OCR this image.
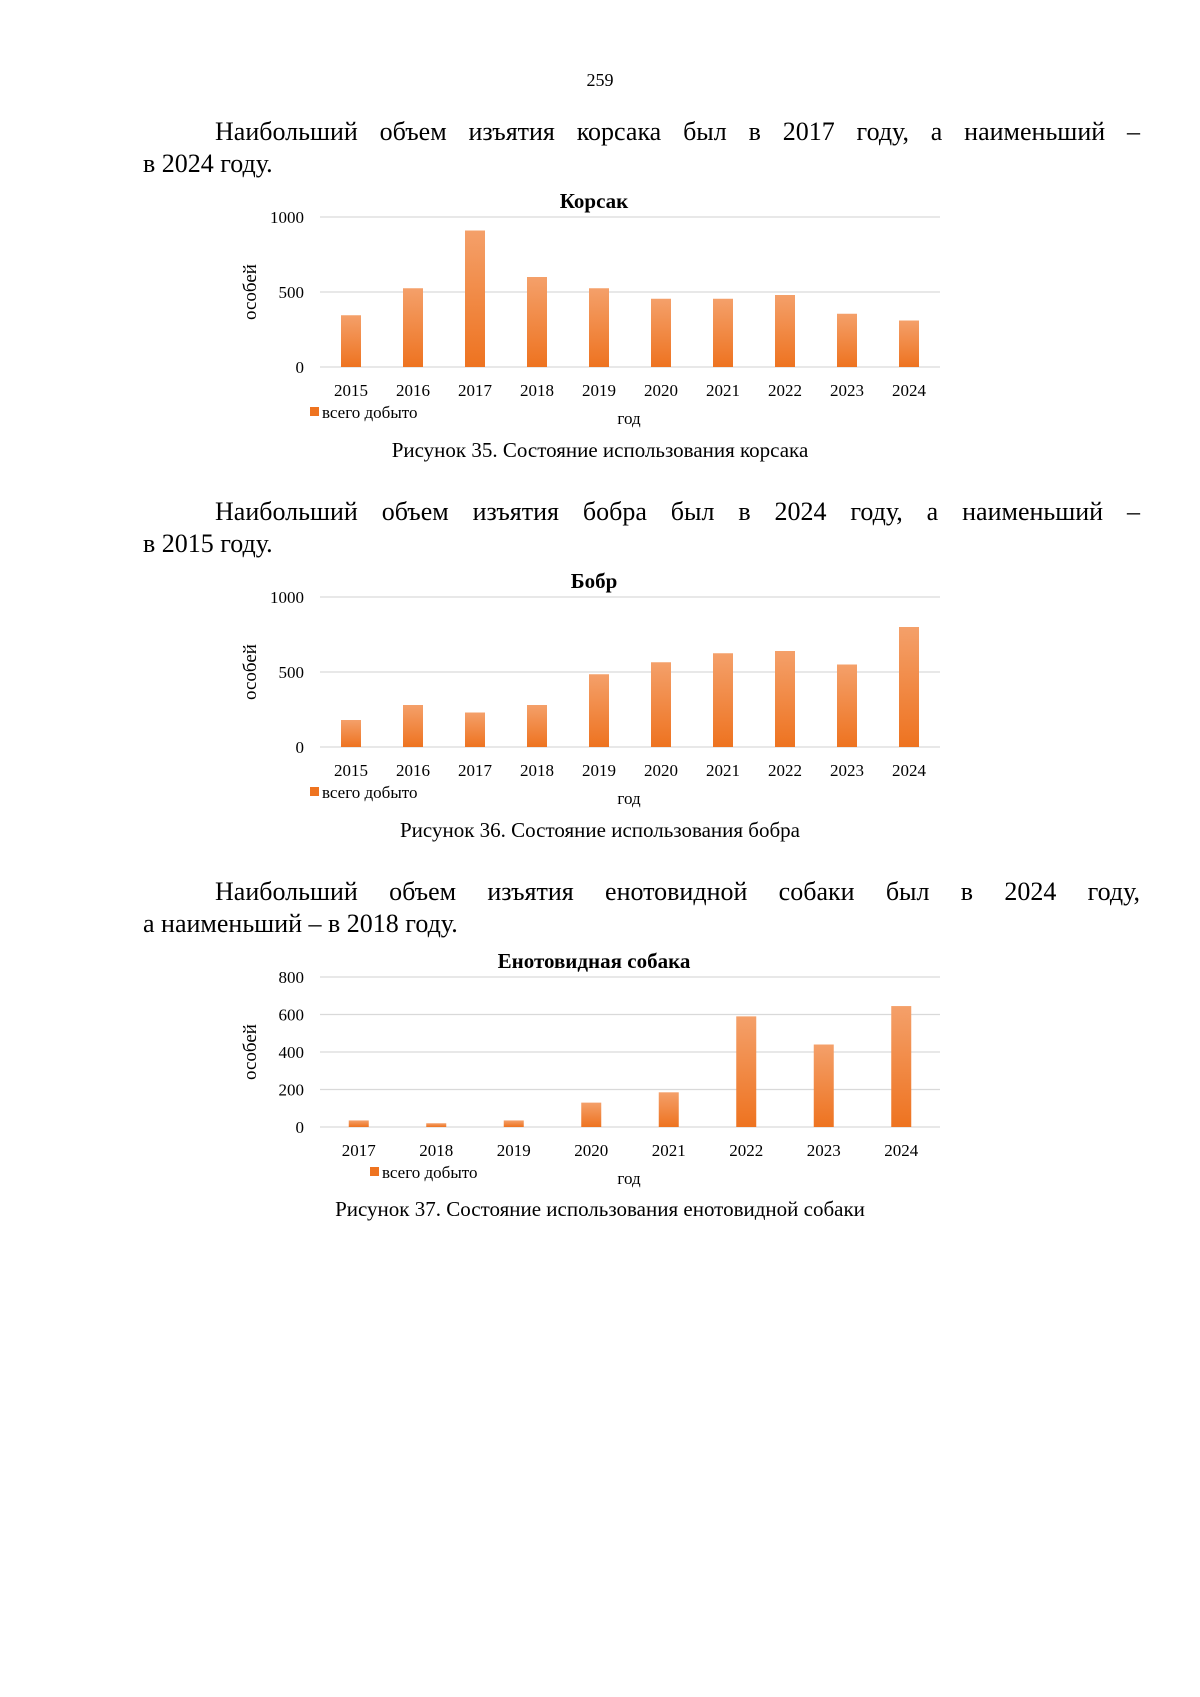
259

Наибольший объем изъятия корсака был в 2017 году, а наименьший –
в 2024 году.

Корсак
0
500
1000
особей
2015 2016 2017 2018 2019 2020 2021 2022 2023 2024
всего добыто	год
Рисунок 35. Состояние использования корсака

Наибольший объем изъятия бобра был в 2024 году, а наименьший –
в 2015 году.

Бобр
0
500
1000
особей
2015 2016 2017 2018 2019 2020 2021 2022 2023 2024
всего добыто	год
Рисунок 36. Состояние использования бобра

Наибольший объем изъятия енотовидной собаки был в 2024 году,
а наименьший – в 2018 году.

Енотовидная собака
0
200
400
600
800
особей
2017	2018	2019	2020	2021	2022	2023	2024
всего добыто	год
Рисунок 37. Состояние использования енотовидной собаки
